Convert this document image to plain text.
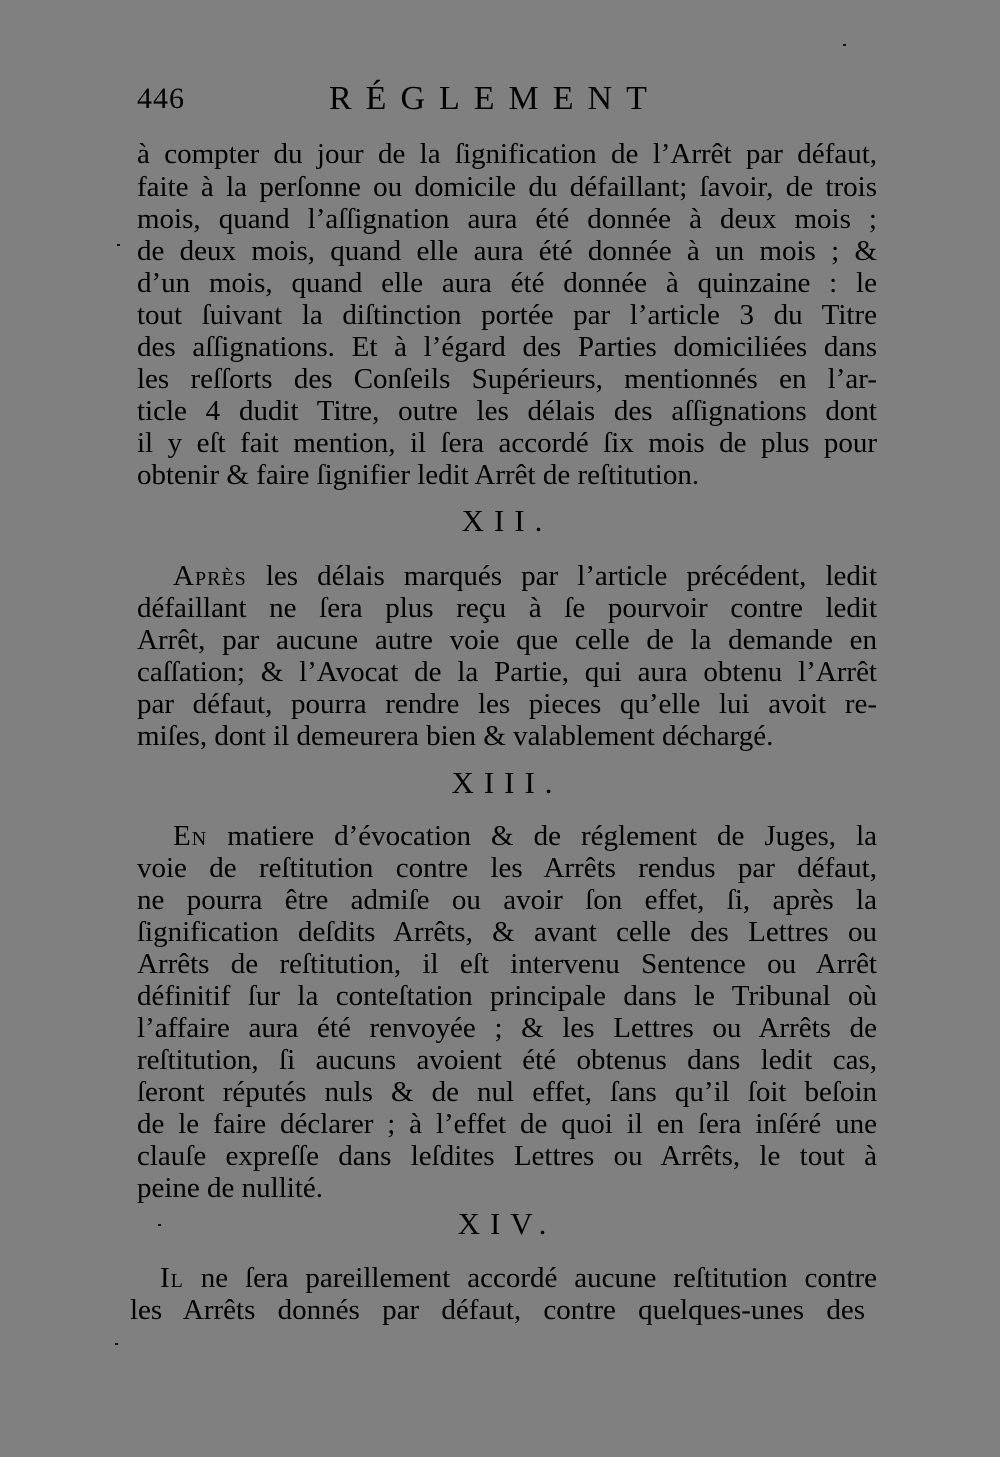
446	RÉGLEMENT
à compter du jour de la ſignification de l’Arrêt par défaut,
faite à la perſonne ou domicile du défaillant; ſavoir, de trois
mois, quand l’aſſignation aura été donnée à deux mois ;
de deux mois, quand elle aura été donnée à un mois ; &
d’un mois, quand elle aura été donnée à quinzaine : le
tout ſuivant la diſtinction portée par l’article 3 du Titre
des aſſignations. Et à l’égard des Parties domiciliées dans
les reſſorts des Conſeils Supérieurs, mentionnés en l’ar-
ticle 4 dudit Titre, outre les délais des aſſignations dont
il y eſt fait mention, il ſera accordé ſix mois de plus pour
obtenir & faire ſignifier ledit Arrêt de reſtitution.
XII.
Après les délais marqués par l’article précédent, ledit
défaillant ne ſera plus reçu à ſe pourvoir contre ledit
Arrêt, par aucune autre voie que celle de la demande en
caſſation; & l’Avocat de la Partie, qui aura obtenu l’Arrêt
par défaut, pourra rendre les pieces qu’elle lui avoit re-
miſes, dont il demeurera bien & valablement déchargé.
XIII.
En matiere d’évocation & de réglement de Juges, la
voie de reſtitution contre les Arrêts rendus par défaut,
ne pourra être admiſe ou avoir ſon effet, ſi, après la
ſignification deſdits Arrêts, & avant celle des Lettres ou
Arrêts de reſtitution, il eſt intervenu Sentence ou Arrêt
définitif ſur la conteſtation principale dans le Tribunal où
l’affaire aura été renvoyée ; & les Lettres ou Arrêts de
reſtitution, ſi aucuns avoient été obtenus dans ledit cas,
ſeront réputés nuls & de nul effet, ſans qu’il ſoit beſoin
de le faire déclarer ; à l’effet de quoi il en ſera inſéré une
clauſe expreſſe dans leſdites Lettres ou Arrêts, le tout à
peine de nullité.
XIV.
Il ne ſera pareillement accordé aucune reſtitution contre
les Arrêts donnés par défaut, contre quelques-unes des
